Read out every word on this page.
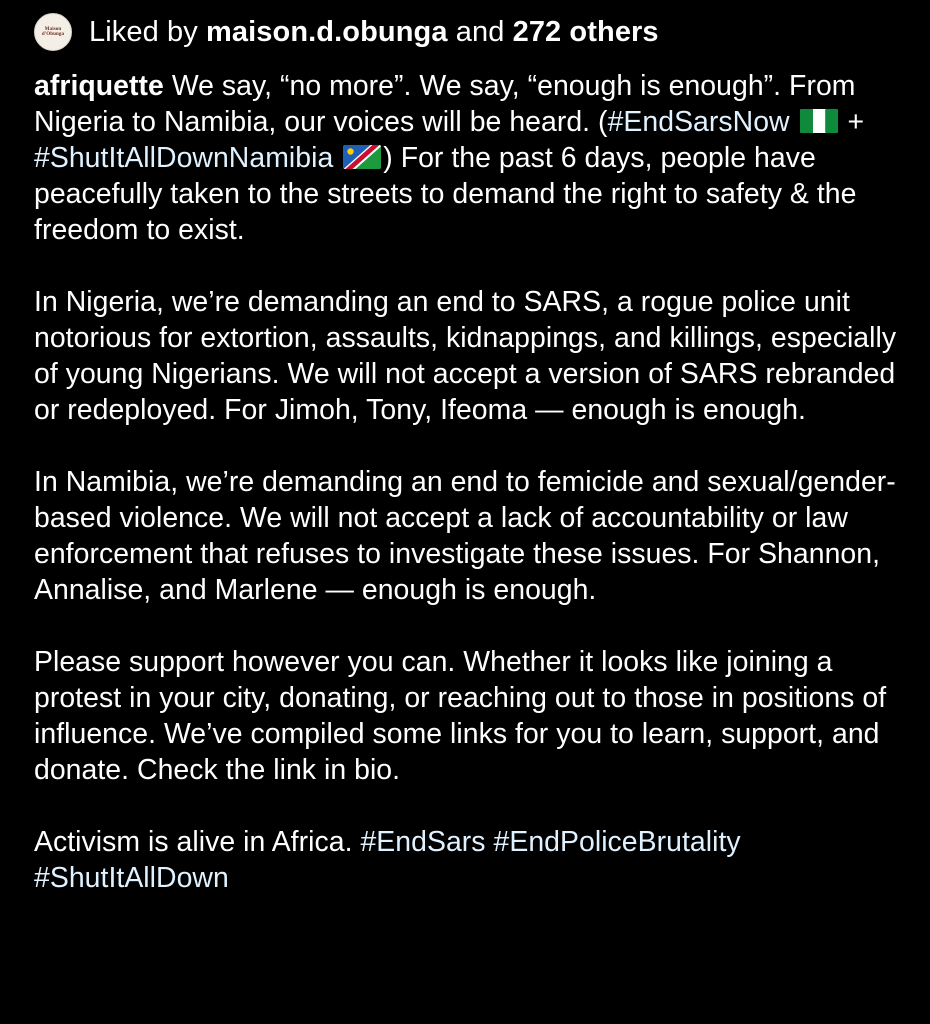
Maison
d'Obunga Liked by
maison.d.obunga
and
272 others

afriquette We say, “no more”. We say, “enough is enough”. From Nigeria to Namibia, our voices will be heard. (#EndSarsNow
+ #ShutItAllDownNamibia ) For the past 6 days, people have peacefully taken to the streets to demand the right to safety & the freedom to exist.

In Nigeria, we’re demanding an end to SARS, a rogue police unit notorious for extortion, assaults, kidnappings, and killings, especially of young Nigerians. We will not accept a version of SARS rebranded or redeployed. For Jimoh, Tony, Ifeoma — enough is enough.

In Namibia, we’re demanding an end to femicide and sexual/gender-based violence. We will not accept a lack of accountability or law enforcement that refuses to investigate these issues. For Shannon, Annalise, and Marlene — enough is enough.

Please support however you can. Whether it looks like joining a protest in your city, donating, or reaching out to those in positions of influence. We’ve compiled some links for you to learn, support, and donate. Check the link in bio.

Activism is alive in Africa. #EndSars #EndPoliceBrutality #ShutItAllDown
